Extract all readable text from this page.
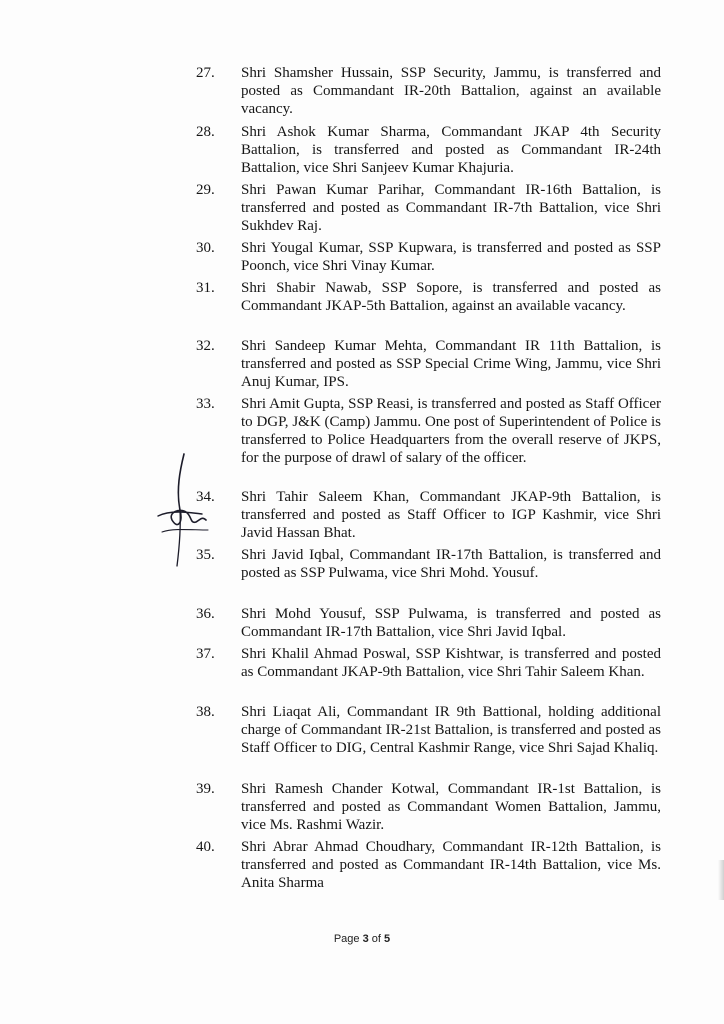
27.	Shri Shamsher Hussain, SSP Security, Jammu, is transferred and posted as Commandant IR-20th Battalion, against an available vacancy.
28.	Shri Ashok Kumar Sharma, Commandant JKAP 4th Security Battalion, is transferred and posted as Commandant IR-24th Battalion, vice Shri Sanjeev Kumar Khajuria.
29.	Shri Pawan Kumar Parihar, Commandant IR-16th Battalion, is transferred and posted as Commandant IR-7th Battalion, vice Shri Sukhdev Raj.
30.	Shri Yougal Kumar, SSP Kupwara, is transferred and posted as SSP Poonch, vice Shri Vinay Kumar.
31.	Shri Shabir Nawab, SSP Sopore, is transferred and posted as Commandant JKAP-5th Battalion, against an available vacancy.
32.	Shri Sandeep Kumar Mehta, Commandant IR 11th Battalion, is transferred and posted as SSP Special Crime Wing, Jammu, vice Shri Anuj Kumar, IPS.
33.	Shri Amit Gupta, SSP Reasi, is transferred and posted as Staff Officer to DGP, J&K (Camp) Jammu. One post of Superintendent of Police is transferred to Police Headquarters from the overall reserve of JKPS, for the purpose of drawl of salary of the officer.
34.	Shri Tahir Saleem Khan, Commandant JKAP-9th Battalion, is transferred and posted as Staff Officer to IGP Kashmir, vice Shri Javid Hassan Bhat.
35.	Shri Javid Iqbal, Commandant IR-17th Battalion, is transferred and posted as SSP Pulwama, vice Shri Mohd. Yousuf.
36.	Shri Mohd Yousuf, SSP Pulwama, is transferred and posted as Commandant IR-17th Battalion, vice Shri Javid Iqbal.
37.	Shri Khalil Ahmad Poswal, SSP Kishtwar, is transferred and posted as Commandant JKAP-9th Battalion, vice Shri Tahir Saleem Khan.
38.	Shri Liaqat Ali, Commandant IR 9th Battional, holding additional charge of Commandant IR-21st Battalion, is transferred and posted as Staff Officer to DIG, Central Kashmir Range, vice Shri Sajad Khaliq.
39.	Shri Ramesh Chander Kotwal, Commandant IR-1st Battalion, is transferred and posted as Commandant Women Battalion, Jammu, vice Ms. Rashmi Wazir.
40.	Shri Abrar Ahmad Choudhary, Commandant IR-12th Battalion, is transferred and posted as Commandant IR-14th Battalion, vice Ms. Anita Sharma
Page 3 of 5
